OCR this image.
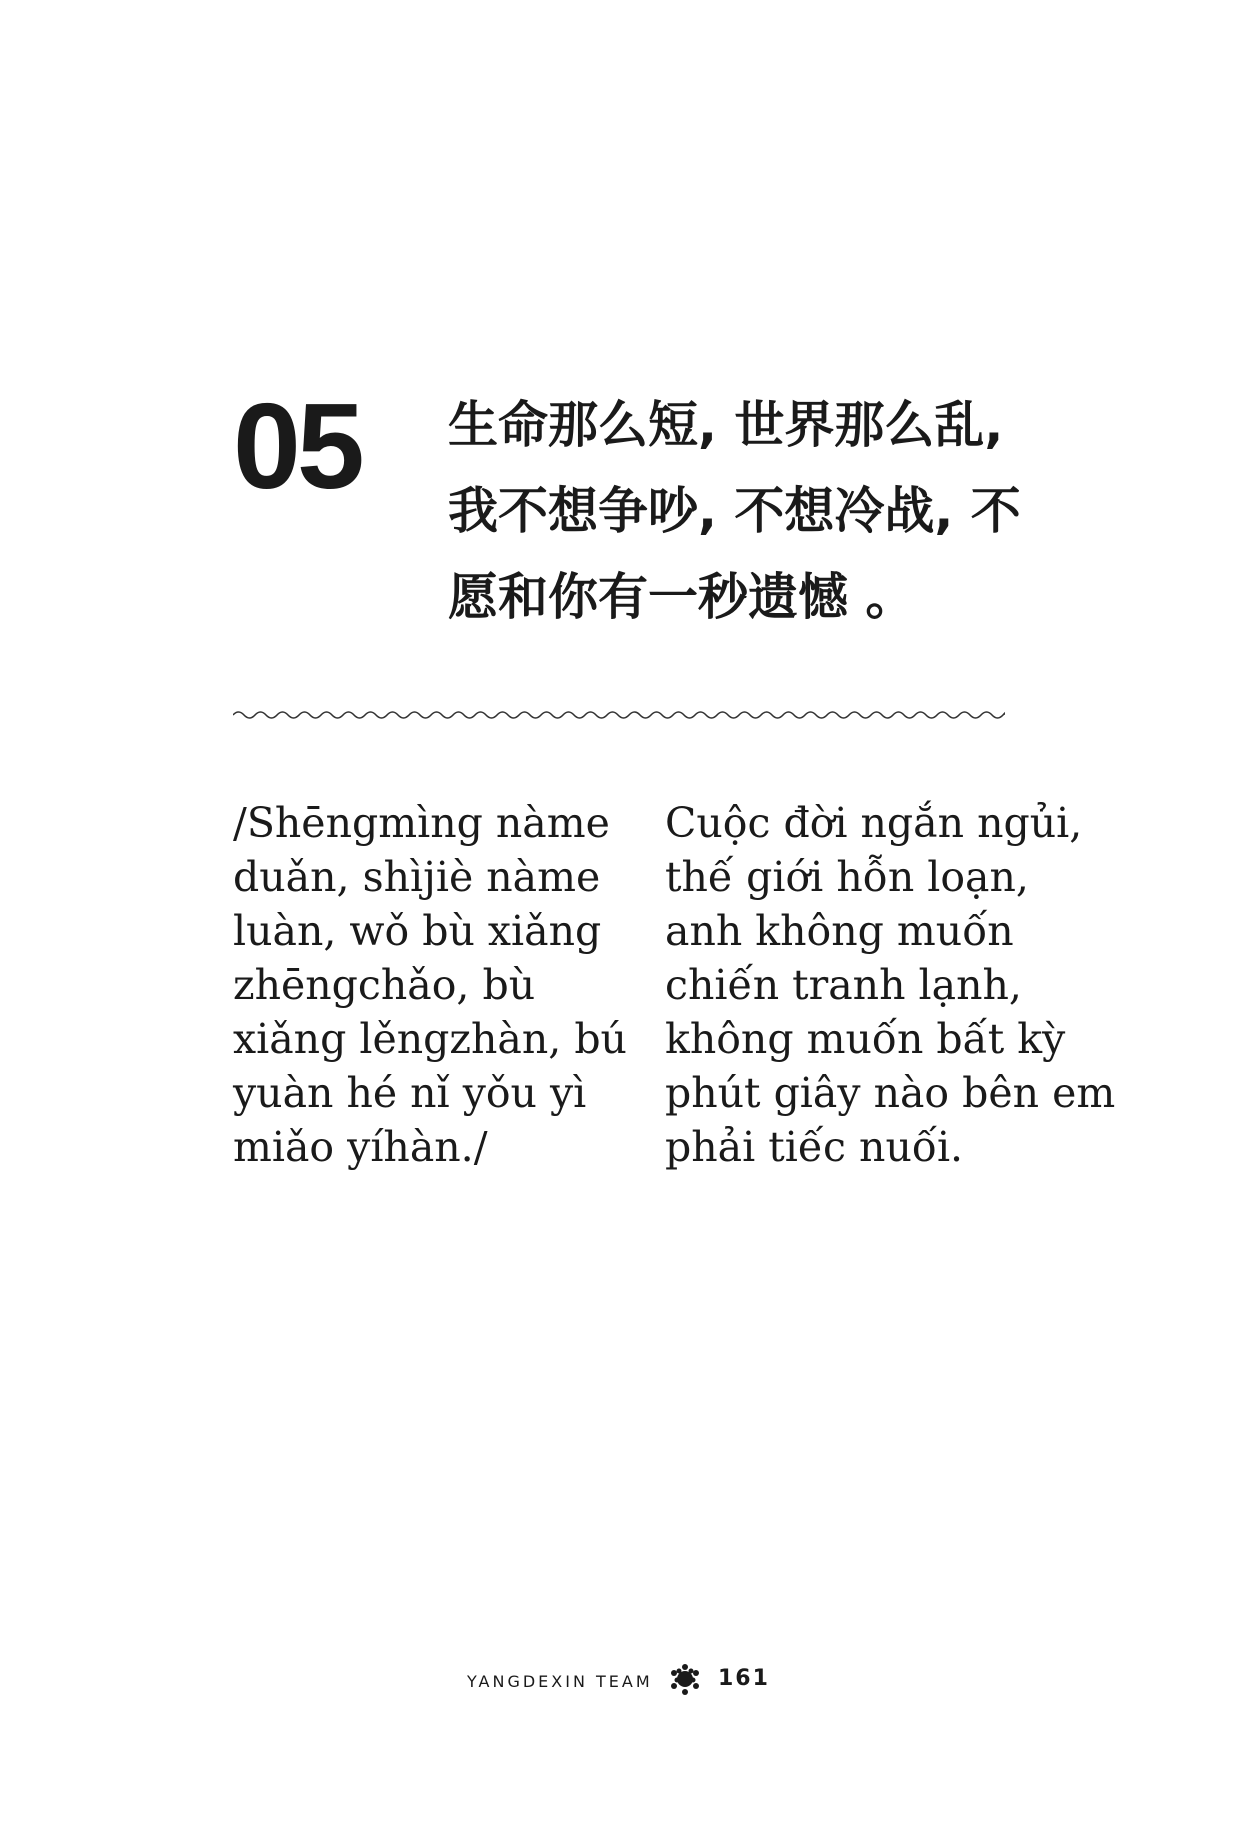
05 生命那么短, 世界那么乱,
我不想争吵, 不想冷战, 不
愿和你有一秒遗憾 。
/Shēngmìng nàme
duǎn, shìjiè nàme
luàn, wǒ bù xiǎng
zhēngchǎo, bù
xiǎng lěngzhàn, bú
yuàn hé nǐ yǒu yì
miǎo yíhàn./
Cuộc đời ngắn ngủi,
thế giới hỗn loạn,
anh không muốn
chiến tranh lạnh,
không muốn bất kỳ
phút giây nào bên em
phải tiếc nuối.
YANGDEXIN TEAM	161
